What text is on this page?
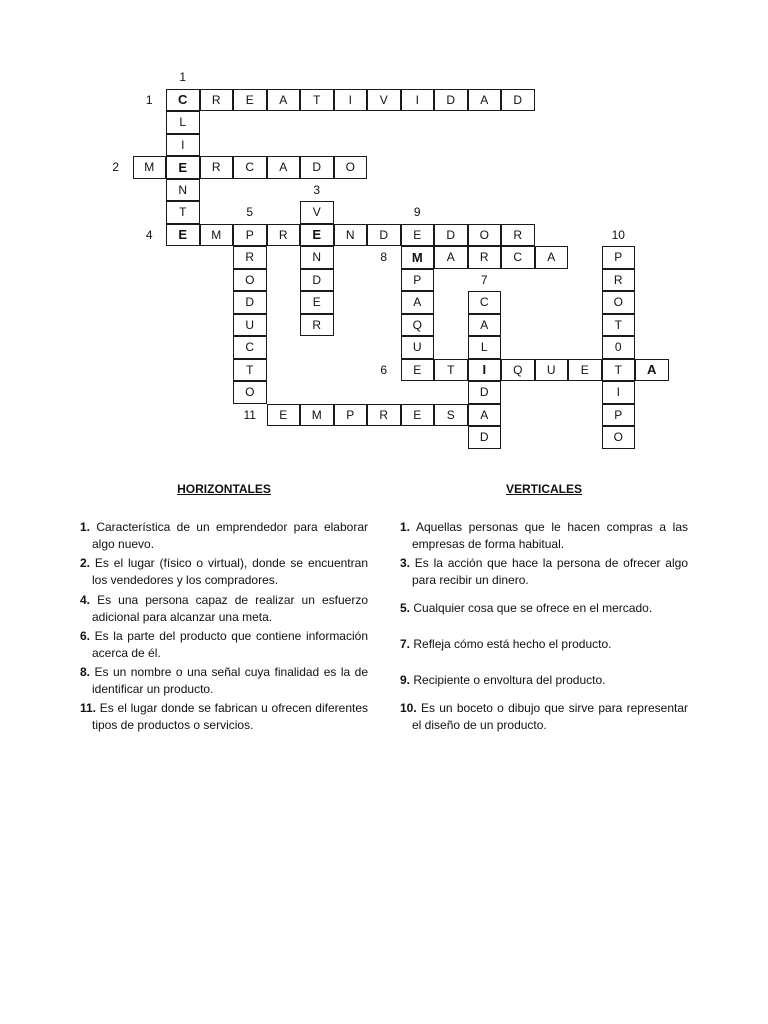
C	R	E	A	T	I	V	I	D	A	D
M	E	R	C	A	D	O
E	M	P	R	E	N	D	E	D	O	R
M	A	R	C	A
E	T	I	Q	U	E	T	A
E	M	P	R	E	S	A
L
I
N
T	V
N
D
E
R
R
O
D
U
C
T
O
P
A
Q
U
C
A
L
D
D
P
R
O
T
0
I
P
O
1
1
2
3
5	9
4	10
8
7
6
11
HORIZONTALES	VERTICALES
1. Característica de un emprendedor para elaborar algo nuevo.
2. Es el lugar (físico o virtual), donde se encuentran los vendedores y los compradores.
4. Es una persona capaz de realizar un esfuerzo adicional para alcanzar una meta.
6. Es la parte del producto que contiene información acerca de él.
8. Es un nombre o una señal cuya finalidad es la de identificar un producto.
11. Es el lugar donde se fabrican u ofrecen diferentes tipos de productos o servicios.
1. Aquellas personas que le hacen compras a las empresas de forma habitual.
3. Es la acción que hace la persona de ofrecer algo para recibir un dinero.
5. Cualquier cosa que se ofrece en el mercado.
7. Refleja cómo está hecho el producto.
9. Recipiente o envoltura del producto.
10. Es un boceto o dibujo que sirve para representar el diseño de un producto.
